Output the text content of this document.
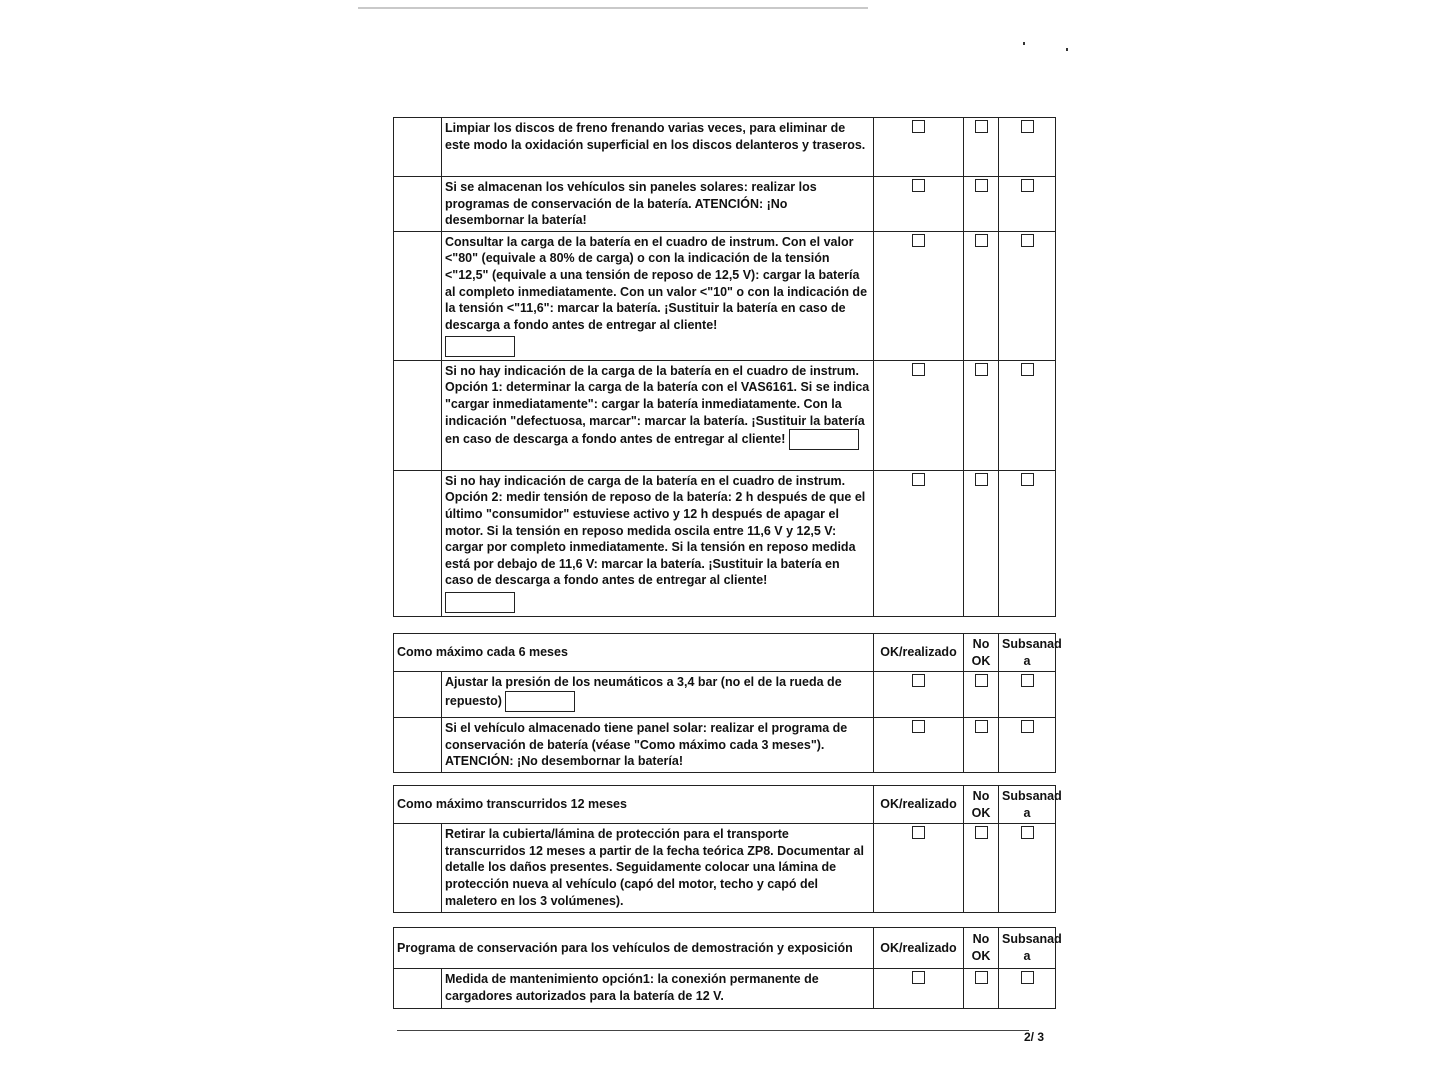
	Limpiar los discos de freno frenando varias veces, para eliminar de este modo la oxidación superficial en los discos delanteros y traseros.			
	Si se almacenan los vehículos sin paneles solares: realizar los programas de conservación de la batería. ATENCIÓN: ¡No desembornar la batería!			
	Consultar la carga de la batería en el cuadro de instrum. Con el valor <"80" (equivale a 80% de carga) o con la indicación de la tensión <"12,5" (equivale a una tensión de reposo de 12,5 V): cargar la batería al completo inmediatamente. Con un valor <"10" o con la indicación de la tensión <"11,6": marcar la batería. ¡Sustituir la batería en caso de descarga a fondo antes de entregar al cliente!

	Si no hay indicación de la carga de la batería en el cuadro de instrum. Opción 1: determinar la carga de la batería con el VAS6161. Si se indica "cargar inmediatamente": cargar la batería inmediatamente. Con la indicación "defectuosa, marcar": marcar la batería. ¡Sustituir la batería en caso de descarga a fondo antes de entregar al cliente!			
	Si no hay indicación de carga de la batería en el cuadro de instrum. Opción 2: medir tensión de reposo de la batería: 2 h después de que el último "consumidor" estuviese activo y 12 h después de apagar el motor. Si la tensión en reposo medida oscila entre 11,6 V y 12,5 V: cargar por completo inmediatamente. Si la tensión en reposo medida está por debajo de 11,6 V: marcar la batería. ¡Sustituir la batería en caso de descarga a fondo antes de entregar al cliente!

Como máximo cada 6 meses		OK/realizado	No OK	Subsanad a
	Ajustar la presión de los neumáticos a 3,4 bar (no el de la rueda de repuesto)			
	Si el vehículo almacenado tiene panel solar: realizar el programa de conservación de batería (véase "Como máximo cada 3 meses"). ATENCIÓN: ¡No desembornar la batería!			
Como máximo transcurridos 12 meses		OK/realizado	No OK	Subsanad a
	Retirar la cubierta/lámina de protección para el transporte transcurridos 12 meses a partir de la fecha teórica ZP8. Documentar al detalle los daños presentes. Seguidamente colocar una lámina de protección nueva al vehículo (capó del motor, techo y capó del maletero en los 3 volúmenes).			
Programa de conservación para los vehículos de demostración y exposición		OK/realizado	No OK	Subsanad a
	Medida de mantenimiento opción1: la conexión permanente de cargadores autorizados para la batería de 12 V.			
2/ 3
